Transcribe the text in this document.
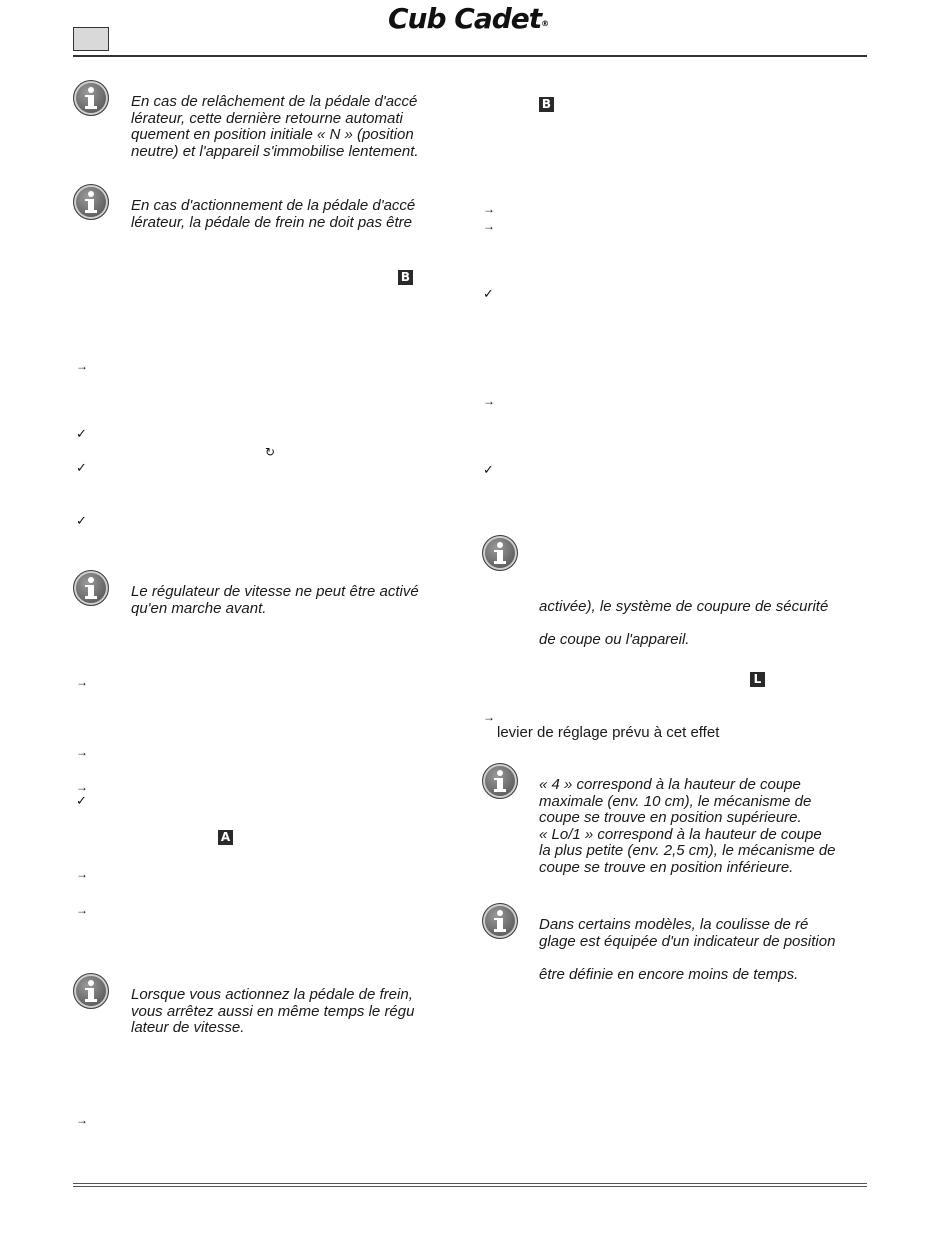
Cub Cadet®
En cas de relâchement de la pédale d'accé
lérateur, cette dernière retourne automati
quement en position initiale « N » (position
neutre) et l'appareil s'immobilise lentement.
En cas d'actionnement de la pédale d'accé
lérateur, la pédale de frein ne doit pas être
B
→
✓
↻
✓
✓
Le régulateur de vitesse ne peut être activé
qu'en marche avant.
→
→
→
✓
A
→
→
Lorsque vous actionnez la pédale de frein,
vous arrêtez aussi en même temps le régu
lateur de vitesse.
→
B
→
→
✓
→
✓
activée), le système de coupure de sécurité
de coupe ou l'appareil.
L
→
levier de réglage prévu à cet effet
« 4 » correspond à la hauteur de coupe
maximale (env. 10 cm), le mécanisme de
coupe se trouve en position supérieure.
« Lo/1 » correspond à la hauteur de coupe
la plus petite (env. 2,5 cm), le mécanisme de
coupe se trouve en position inférieure.
Dans certains modèles, la coulisse de ré
glage est équipée d'un indicateur de position
être définie en encore moins de temps.
